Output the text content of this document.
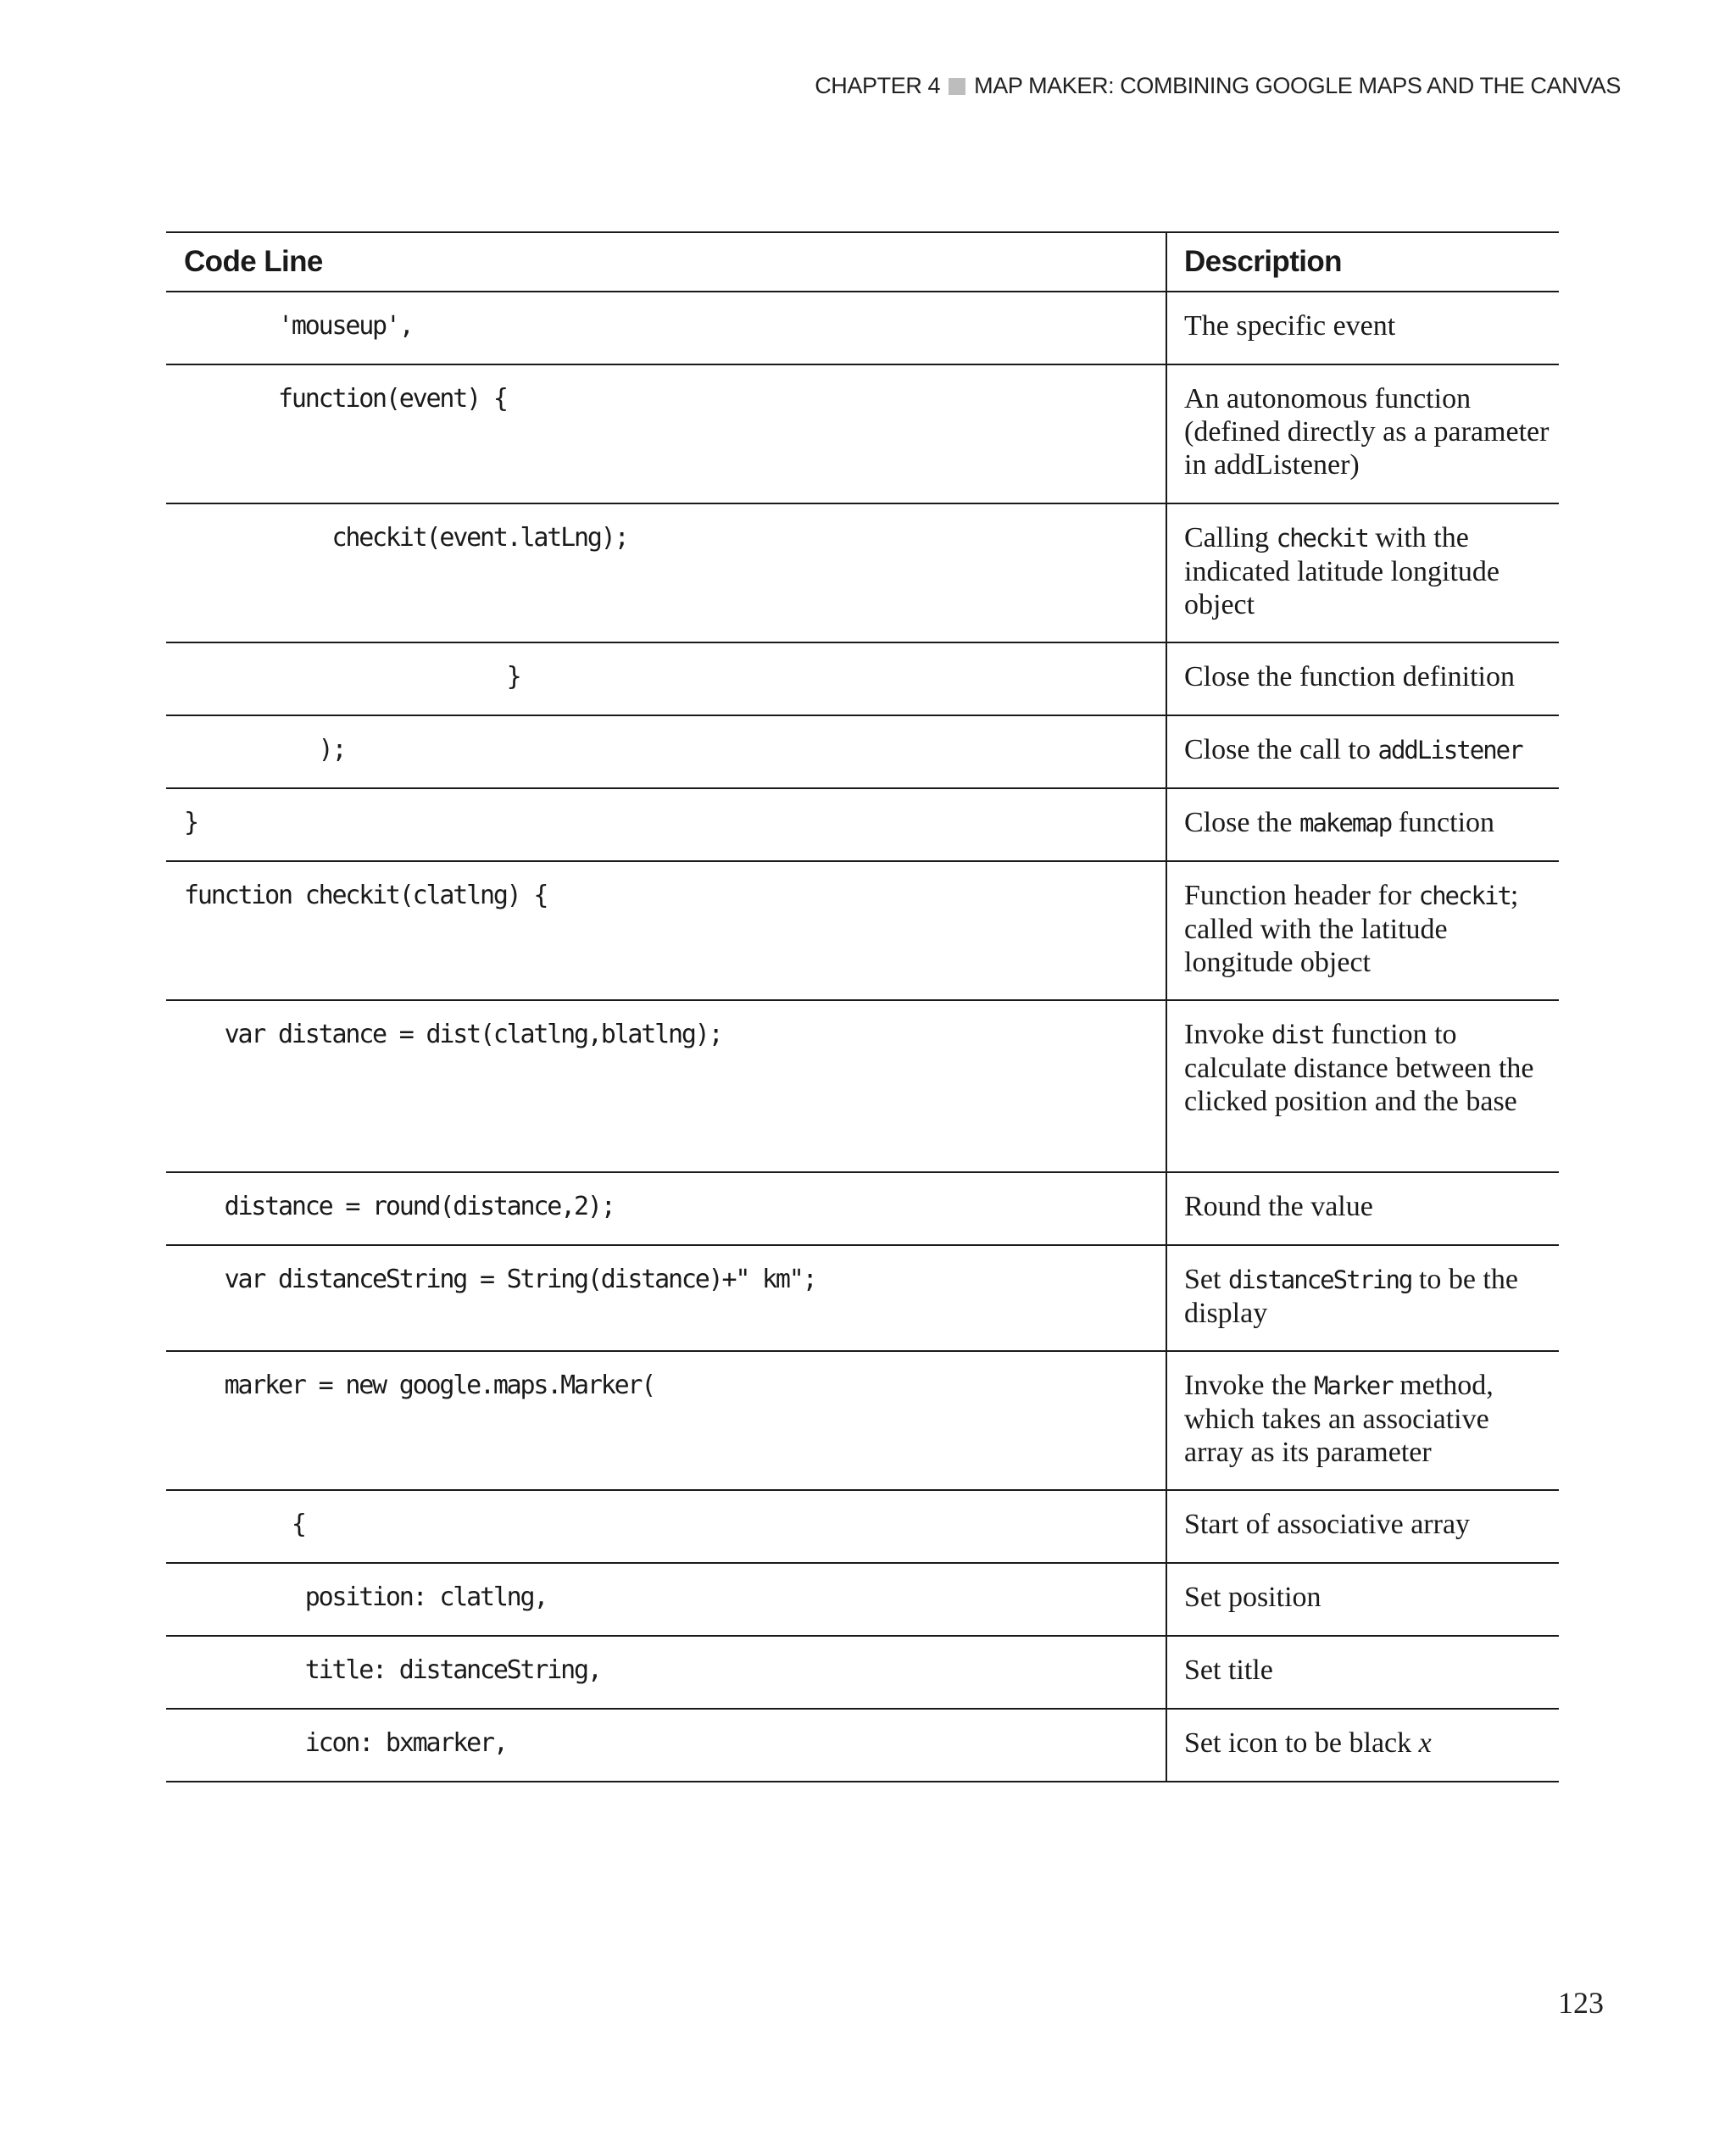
CHAPTER 4 MAP MAKER: COMBINING GOOGLE MAPS AND THE CANVAS
Code Line	Description

'mouseup',	The specific event

function(event) {	An autonomous function (defined directly as a parameter in addListener)

checkit(event.latLng);	Calling checkit with the indicated latitude longitude object

}	Close the function definition

);	Close the call to addListener

}	Close the makemap function

function checkit(clatlng) {	Function header for checkit; called with the latitude longitude object

var distance = dist(clatlng,blatlng);	Invoke dist function to calculate distance between the clicked position and the base

distance = round(distance,2);	Round the value

var distanceString = String(distance)+" km";	Set distanceString to be the display

marker = new google.maps.Marker(	Invoke the Marker method, which takes an associative array as its parameter

{	Start of associative array

position: clatlng,	Set position

title: distanceString,	Set title

icon: bxmarker,	Set icon to be black x
123
